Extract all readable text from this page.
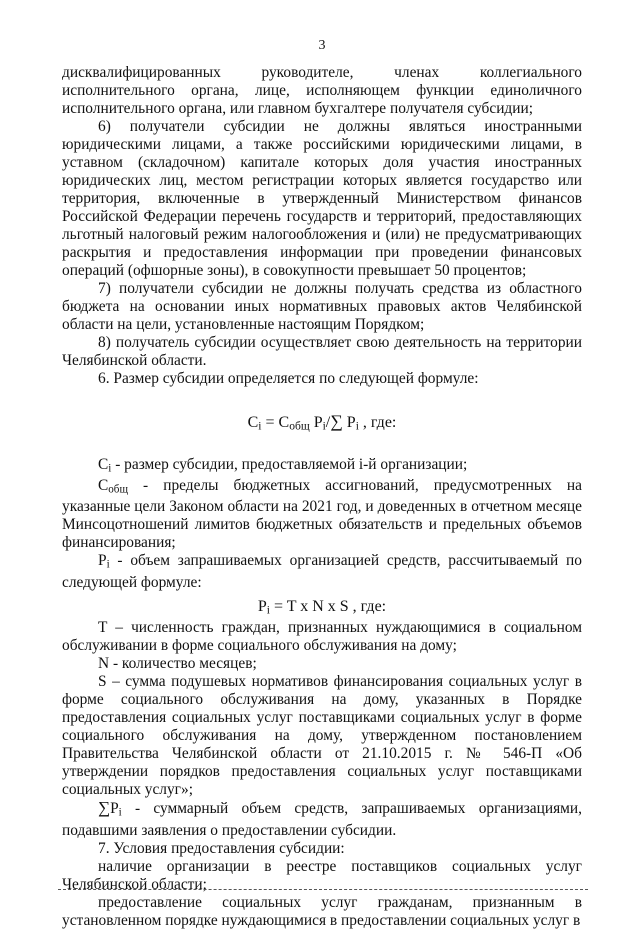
3

дисквалифицированных руководителе, членах коллегиального исполнительного органа, лице, исполняющем функции единоличного исполнительного органа, или главном бухгалтере получателя субсидии;

6) получатели субсидии не должны являться иностранными юридическими лицами, а также российскими юридическими лицами, в уставном (складочном) капитале которых доля участия иностранных юридических лиц, местом регистрации которых является государство или территория, включенные в утвержденный Министерством финансов Российской Федерации перечень государств и территорий, предоставляющих льготный налоговый режим налогообложения и (или) не предусматривающих раскрытия и предоставления информации при проведении финансовых операций (офшорные зоны), в совокупности превышает 50 процентов;

7) получатели субсидии не должны получать средства из областного бюджета на основании иных нормативных правовых актов Челябинской области на цели, установленные настоящим Порядком;

8) получатель субсидии осуществляет свою деятельность на территории Челябинской области.

6. Размер субсидии определяется по следующей формуле:

$C_i = C_{общ}$ $P_i/\sum$ $P_i$ , где:

$C_i$ - размер субсидии, предоставляемой i-й организации;

$C_{общ}$ - пределы бюджетных ассигнований, предусмотренных на указанные цели Законом области на 2021 год, и доведенных в отчетном месяце Минсоцотношений лимитов бюджетных обязательств и предельных объемов финансирования;

$P_i$ - объем запрашиваемых организацией средств, рассчитываемый по следующей формуле:

$P_i = T$ x N x S , где:

T – численность граждан, признанных нуждающимися в социальном обслуживании в форме социального обслуживания на дому;

N - количество месяцев;

S – сумма подушевых нормативов финансирования социальных услуг в форме социального обслуживания на дому, указанных в Порядке предоставления социальных услуг поставщиками социальных услуг в форме социального обслуживания на дому, утвержденном постановлением Правительства Челябинской области от 21.10.2015 г. № 546-П «Об утверждении порядков предоставления социальных услуг поставщиками социальных услуг»;

$\sum P_i$ - суммарный объем средств, запрашиваемых организациями, подавшими заявления о предоставлении субсидии.

7. Условия предоставления субсидии:

наличие организации в реестре поставщиков социальных услуг Челябинской области;

предоставление социальных услуг гражданам, признанным в установленном порядке нуждающимися в предоставлении социальных услуг в
